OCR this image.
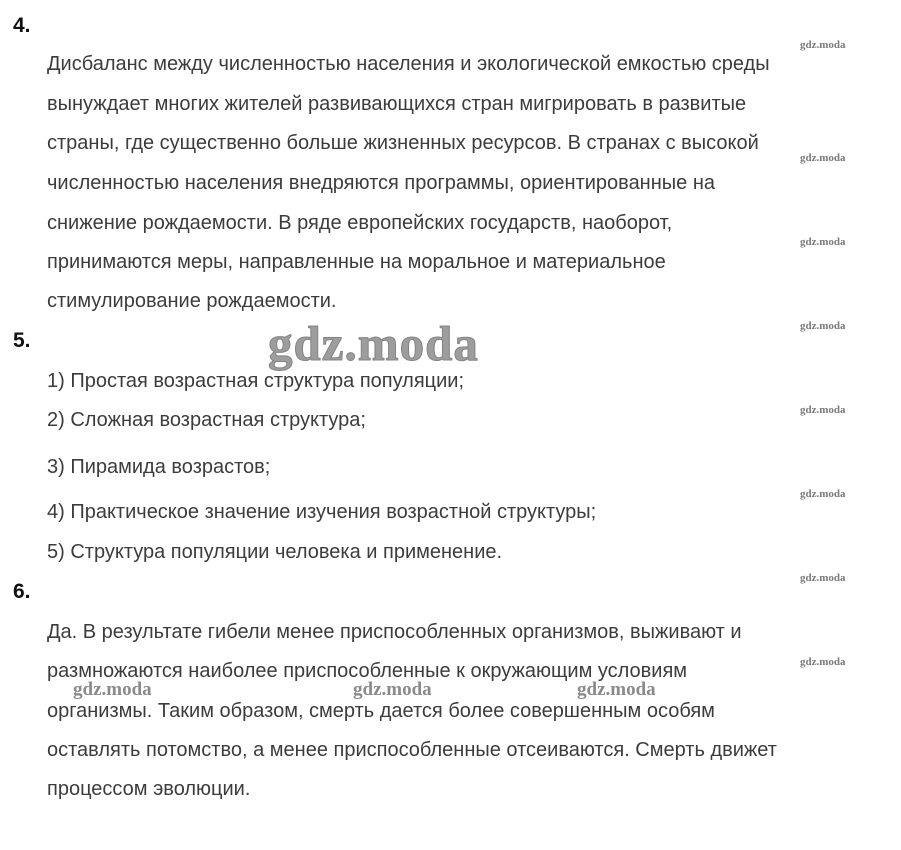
4.
Дисбаланс между численностью населения и экологической емкостью среды
вынуждает многих жителей развивающихся стран мигрировать в развитые
страны, где существенно больше жизненных ресурсов. В странах с высокой
численностью населения внедряются программы, ориентированные на
снижение рождаемости. В ряде европейских государств, наоборот,
принимаются меры, направленные на моральное и материальное
стимулирование рождаемости.
5.
1) Простая возрастная структура популяции;
2) Сложная возрастная структура;
3) Пирамида возрастов;
4) Практическое значение изучения возрастной структуры;
5) Структура популяции человека и применение.
6.
Да. В результате гибели менее приспособленных организмов, выживают и
размножаются наиболее приспособленные к окружающим условиям
организмы. Таким образом, смерть дается более совершенным особям
оставлять потомство, а менее приспособленные отсеиваются. Смерть движет
процессом эволюции.
gdz.moda
gdz.moda
gdz.moda
gdz.moda
gdz.moda
gdz.moda
gdz.moda
gdz.moda
gdz.moda
gdz.moda	gdz.moda	gdz.moda
